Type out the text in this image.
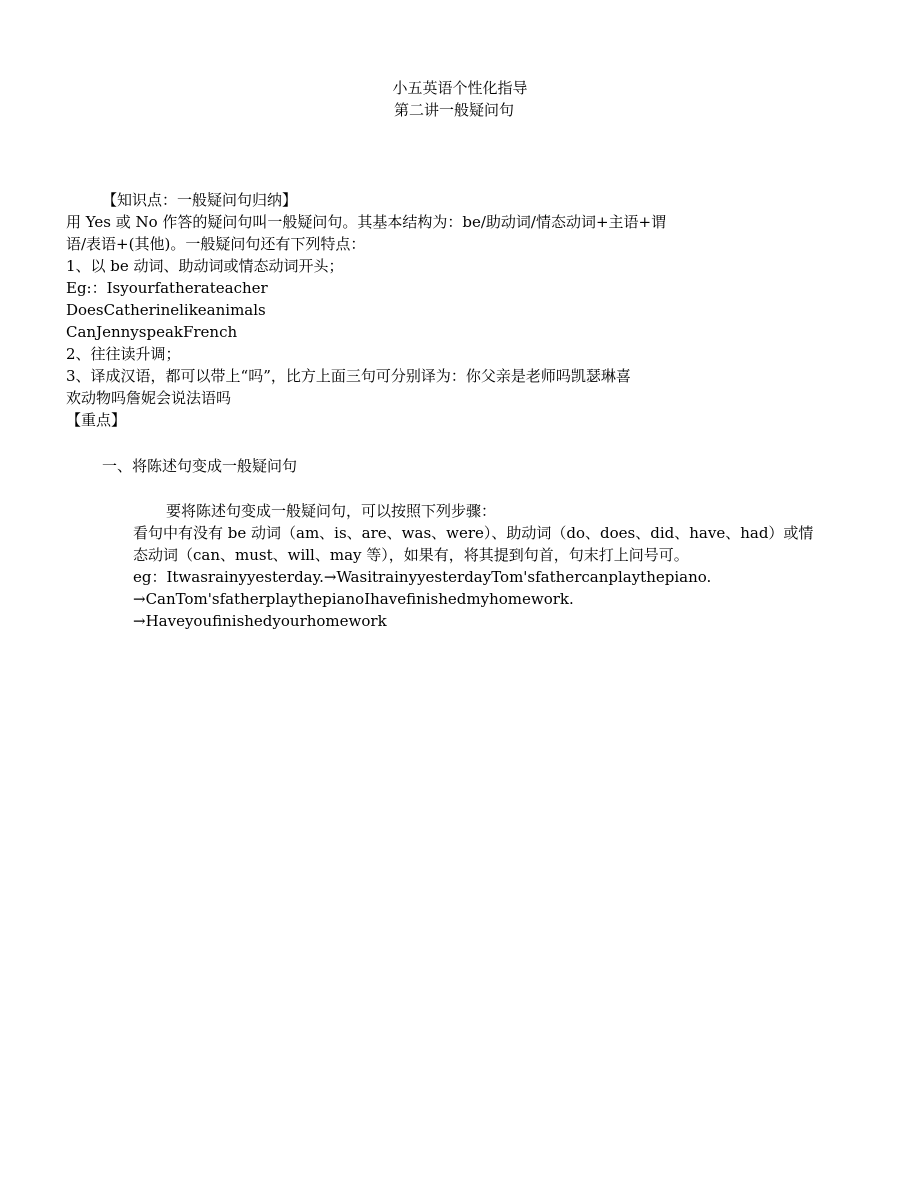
小五英语个性化指导
第二讲一般疑问句
【知识点：一般疑问句归纳】
用 Yes 或 No 作答的疑问句叫一般疑问句。其基本结构为：be/助动词/情态动词+主语+谓
语/表语+(其他)。一般疑问句还有下列特点：
1、以 be 动词、助动词或情态动词开头；
Eg:：Isyourfatherateacher
DoesCatherinelikeanimals
CanJennyspeakFrench
2、往往读升调；
3、译成汉语，都可以带上“吗”，比方上面三句可分别译为：你父亲是老师吗凯瑟琳喜
欢动物吗詹妮会说法语吗
【重点】
一、将陈述句变成一般疑问句
要将陈述句变成一般疑问句，可以按照下列步骤：
看句中有没有 be 动词（am、is、are、was、were）、助动词（do、does、did、have、had）或情
态动词（can、must、will、may 等），如果有，将其提到句首，句末打上问号可。
eg：Itwasrainyyesterday.→WasitrainyyesterdayTom'sfathercanplaythepiano.
→CanTom'sfatherplaythepianoIhavefinishedmyhomework.
→Haveyoufinishedyourhomework
